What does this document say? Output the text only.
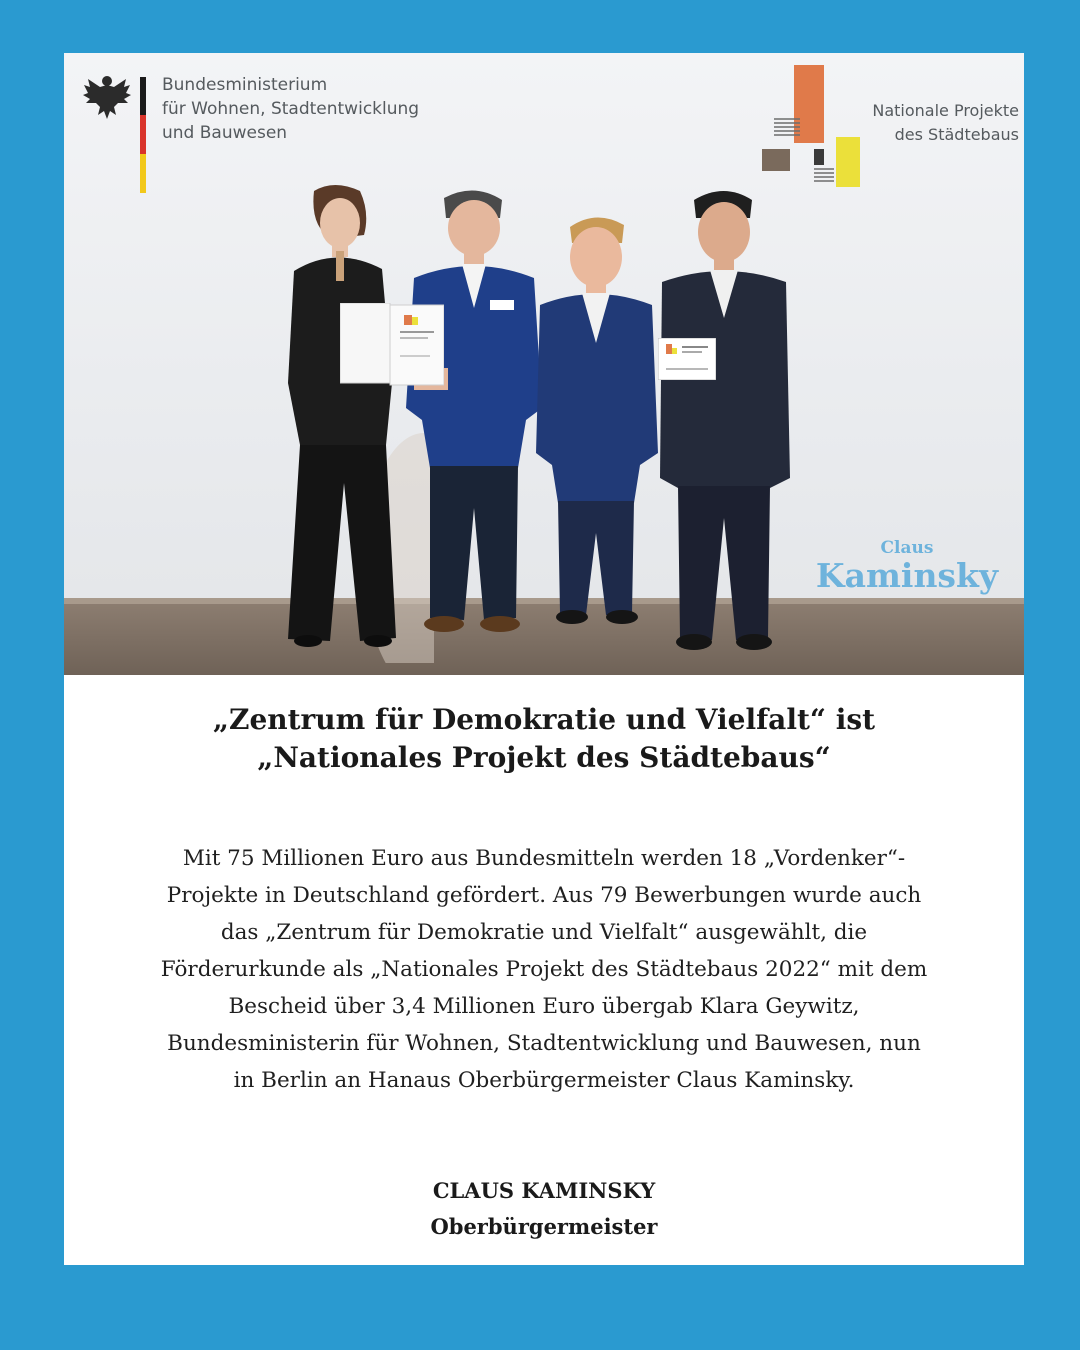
Bundesministerium
für Wohnen, Stadtentwicklung
und Bauwesen
Nationale Projekte
des Städtebaus
Claus
Kaminsky
„Zentrum für Demokratie und Vielfalt“ ist
„Nationales Projekt des Städtebaus“
Mit 75 Millionen Euro aus Bundesmitteln werden 18 „Vordenker“-
Projekte in Deutschland gefördert. Aus 79 Bewerbungen wurde auch
das „Zentrum für Demokratie und Vielfalt“ ausgewählt, die
Förderurkunde als „Nationales Projekt des Städtebaus 2022“ mit dem
Bescheid über 3,4 Millionen Euro übergab Klara Geywitz,
Bundesministerin für Wohnen, Stadtentwicklung und Bauwesen, nun
in Berlin an Hanaus Oberbürgermeister Claus Kaminsky.
CLAUS KAMINSKY
Oberbürgermeister
